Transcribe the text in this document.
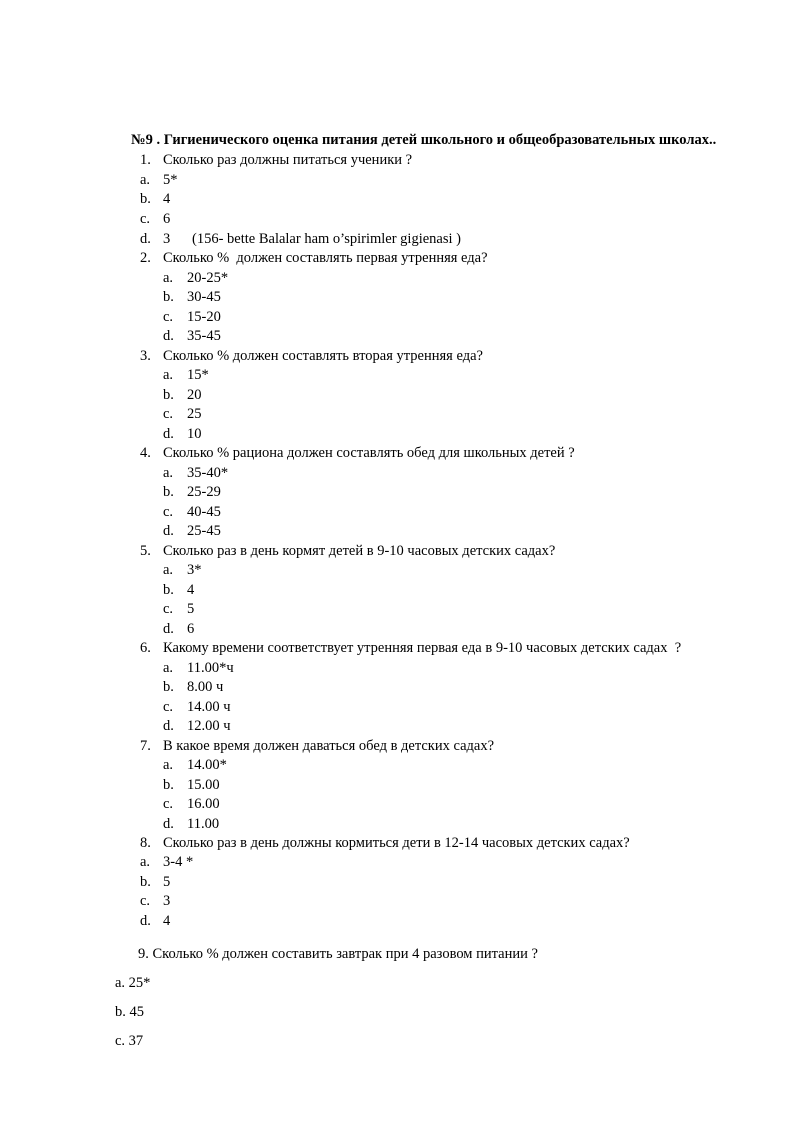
№9 . Гигиенического оценка питания детей школьного и общеобразовательных школах..
1. Сколько раз должны питаться ученики ?
a. 5*
b. 4
c. 6
d. 3 (156- bette Balalar ham o’spirimler gigienasi )
2. Сколько %  должен составлять первая утренняя еда?
a. 20-25*
b. 30-45
c. 15-20
d. 35-45
3. Сколько % должен составлять вторая утренняя еда?
a. 15*
b. 20
c. 25
d. 10
4. Сколько % рациона должен составлять обед для школьных детей ?
a. 35-40*
b. 25-29
c. 40-45
d. 25-45
5. Сколько раз в день кормят детей в 9-10 часовых детских садах?
a. 3*
b. 4
c. 5
d. 6
6. Какому времени соответствует утренняя первая еда в 9-10 часовых детских садах  ?
a. 11.00*ч
b. 8.00 ч
c. 14.00 ч
d. 12.00 ч
7. В какое время должен даваться обед в детских садах?
a. 14.00*
b. 15.00
c. 16.00
d. 11.00
8. Сколько раз в день должны кормиться дети в 12-14 часовых детских садах?
a. 3-4 *
b. 5
c. 3
d. 4
9. Сколько % должен составить завтрак при 4 разовом питании ?
a. 25*
b. 45
c. 37
